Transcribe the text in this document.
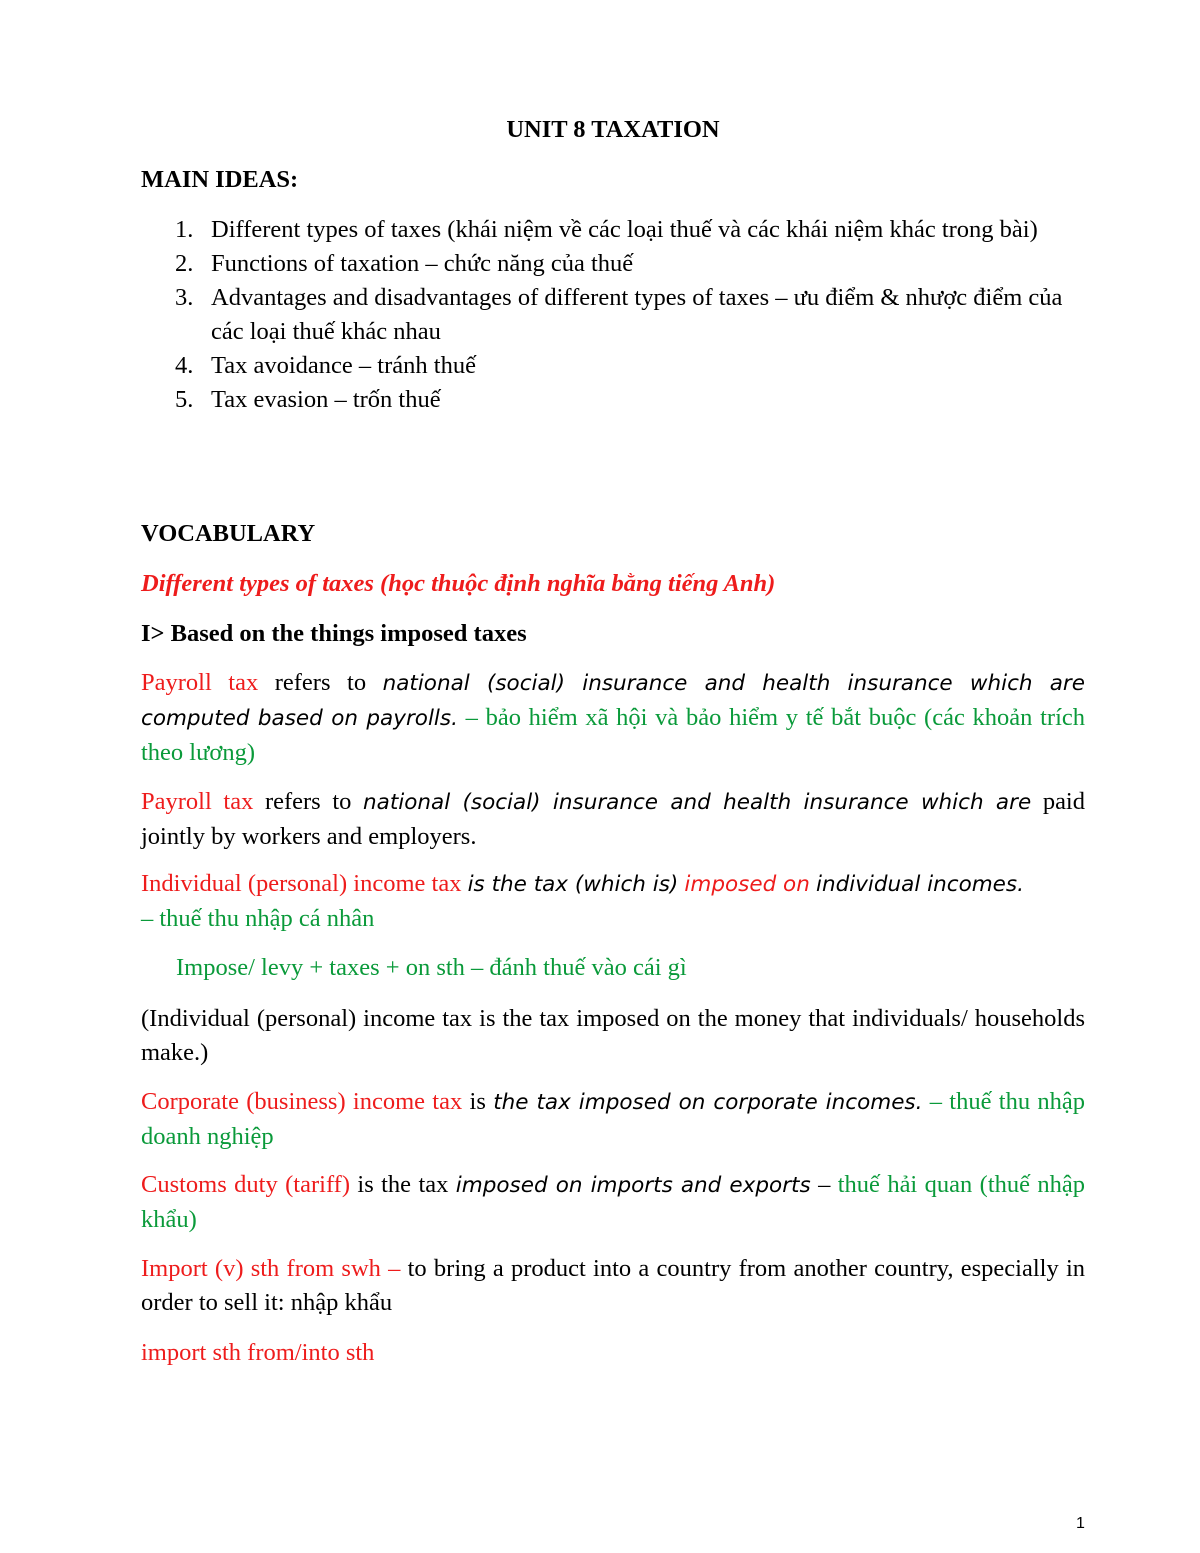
UNIT 8 TAXATION
MAIN IDEAS:
1. Different types of taxes (khái niệm về các loại thuế và các khái niệm khác trong bài)
2. Functions of taxation – chức năng của thuế
3. Advantages and disadvantages of different types of taxes – ưu điểm & nhược điểm của các loại thuế khác nhau
4. Tax avoidance – tránh thuế
5. Tax evasion – trốn thuế
VOCABULARY
Different types of taxes (học thuộc định nghĩa bằng tiếng Anh)
I> Based on the things imposed taxes
Payroll tax refers to national (social) insurance and health insurance which are computed based on payrolls. – bảo hiểm xã hội và bảo hiểm y tế bắt buộc (các khoản trích theo lương)
Payroll tax refers to national (social) insurance and health insurance which are paid jointly by workers and employers.
Individual (personal) income tax is the tax (which is) imposed on individual incomes.
– thuế thu nhập cá nhân
Impose/ levy + taxes + on sth – đánh thuế vào cái gì
(Individual (personal) income tax is the tax imposed on the money that individuals/ households make.)
Corporate (business) income tax is the tax imposed on corporate incomes. – thuế thu nhập doanh nghiệp
Customs duty (tariff) is the tax imposed on imports and exports – thuế hải quan (thuế nhập khẩu)
Import (v) sth from swh – to bring a product into a country from another country, especially in order to sell it: nhập khẩu
import sth from/into sth
1
